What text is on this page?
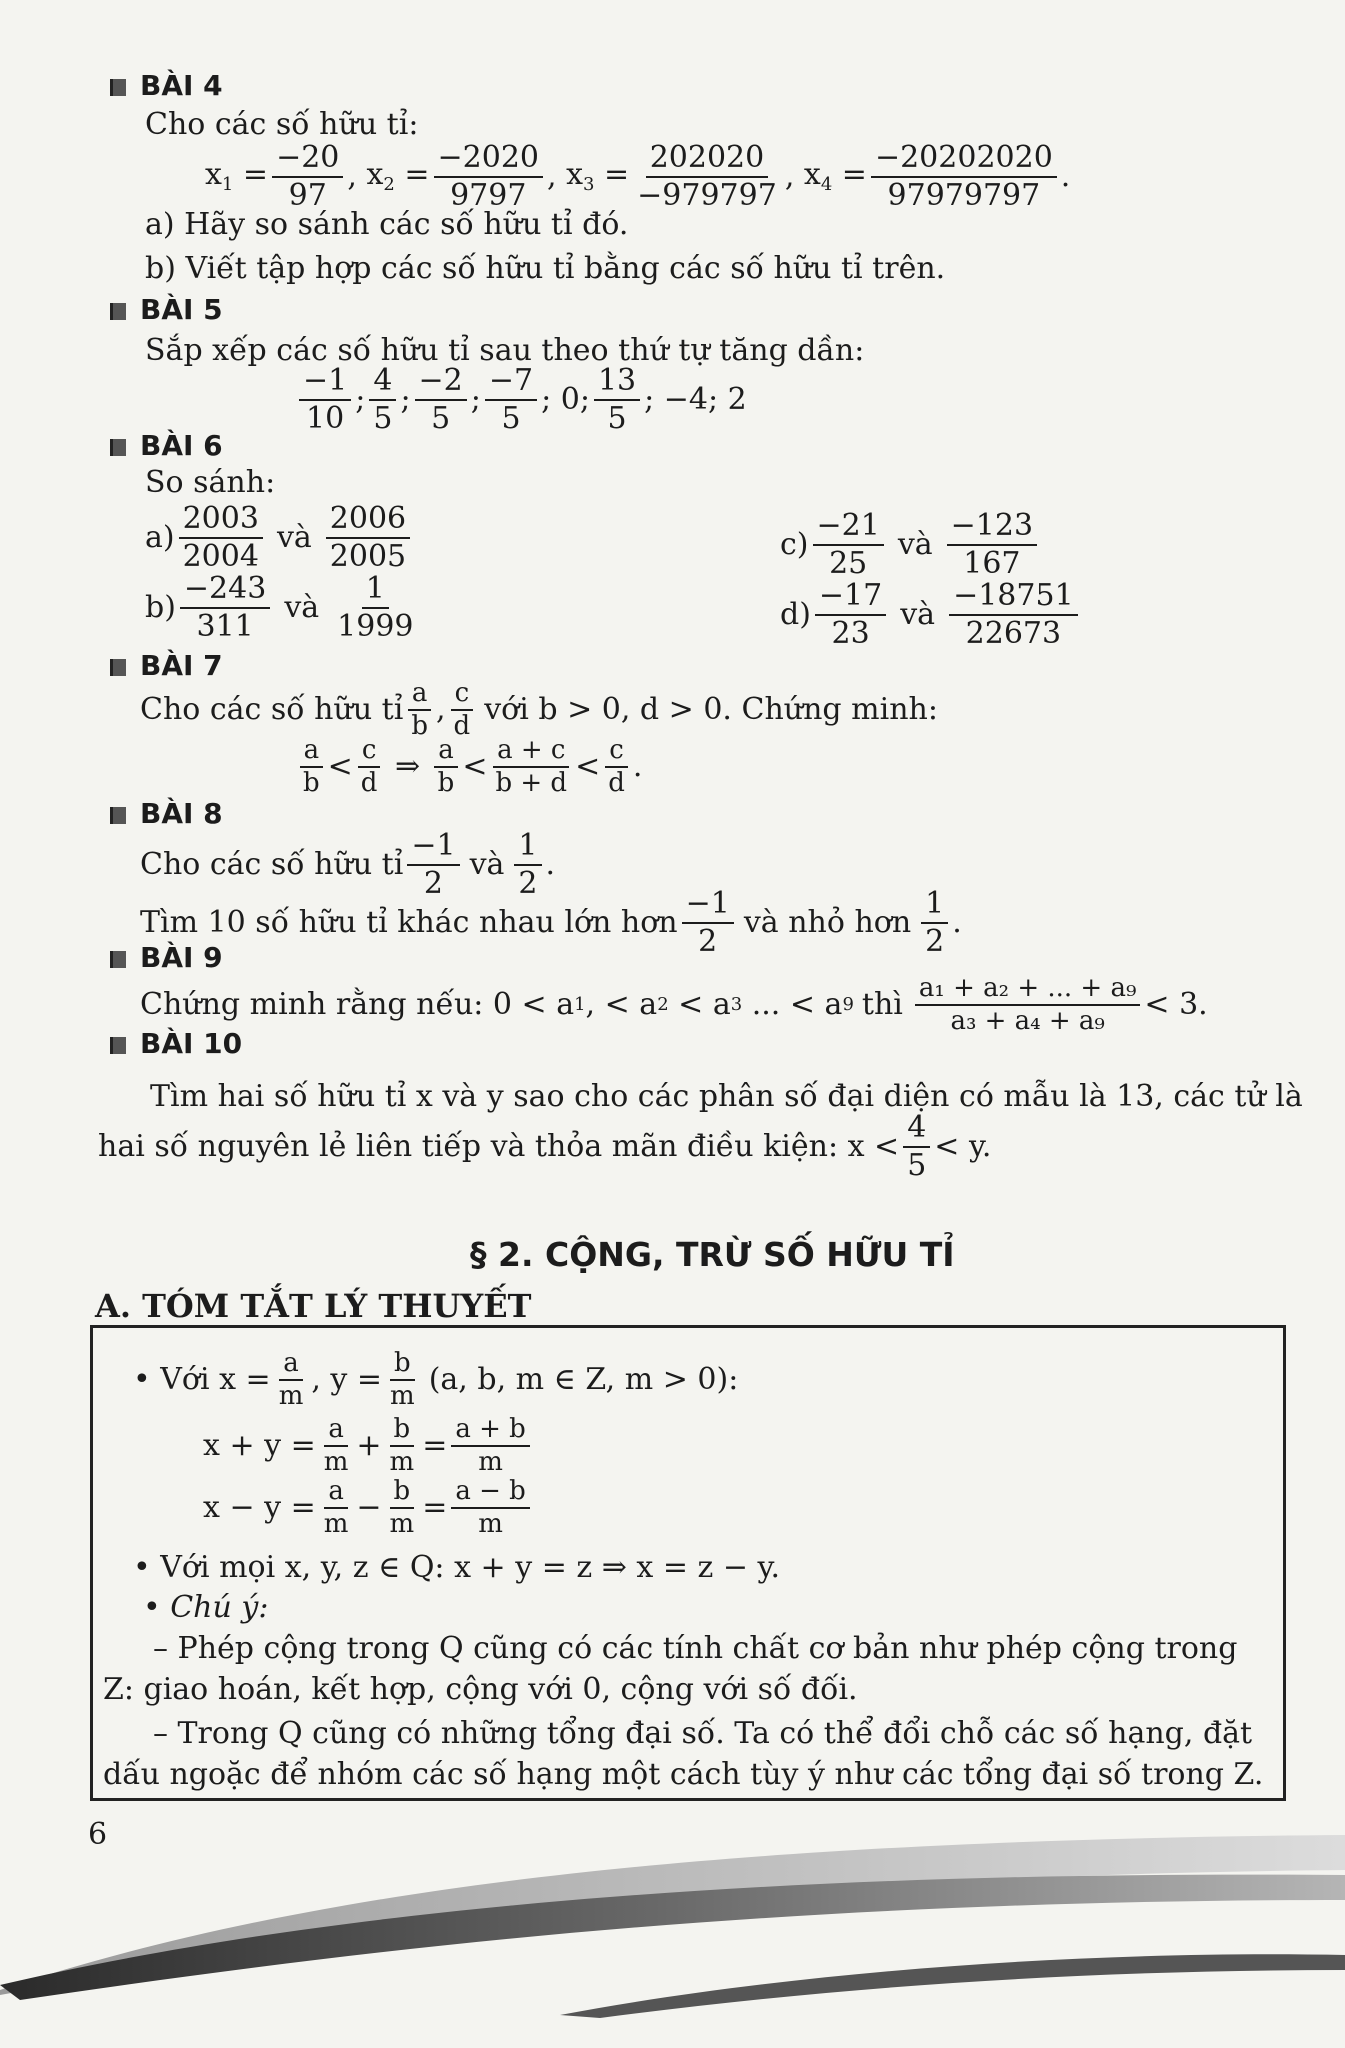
BÀI 4
Cho các số hữu tỉ:
$x_1 = \frac{-20}{97}$ , $x_2 = \frac{-2020}{9797}$ , $x_3 = \frac{202020}{-979797}$ , $x_4 = \frac{-20202020}{97979797}$ .
a) Hãy so sánh các số hữu tỉ đó.
b) Viết tập hợp các số hữu tỉ bằng các số hữu tỉ trên.
BÀI 5
Sắp xếp các số hữu tỉ sau theo thứ tự tăng dần:
$\frac{-1}{10}$ ; $\frac{4}{5}$ ; $\frac{-2}{5}$ ; $\frac{-7}{5}$ ; 0; $\frac{13}{5}$ ; −4; 2
BÀI 6
So sánh:
$a) \frac{2003}{2004}$ và $\frac{2006}{2005}$
$b) \frac{-243}{311}$ và $\frac{1}{1999}$
$c) \frac{-21}{25}$ và $\frac{-123}{167}$
$d) \frac{-17}{23}$ và $\frac{-18751}{22673}$
BÀI 7
Cho các số hữu tỉ $\frac{a}{b}$ , $\frac{c}{d}$ với b > 0, d > 0. Chứng minh:
$\frac{a}{b} < \frac{c}{d}$ ⇒ $\frac{a}{b} < \frac{a + c}{b + d} < \frac{c}{d}$ .
BÀI 8
Cho các số hữu tỉ $\frac{-1}{2}$ và $\frac{1}{2}$ .
Tìm 10 số hữu tỉ khác nhau lớn hơn $\frac{-1}{2}$ và nhỏ hơn $\frac{1}{2}$ .
BÀI 9
Chứng minh rằng nếu: 0 < a 1 , < a 2 < a 3 ... < a 9 thì $\frac{\text{a₁ + a₂ + ... + a₉}}{\text{a₃ + a₄ + a₉}} < 3$.
BÀI 10
Tìm hai số hữu tỉ x và y sao cho các phân số đại diện có mẫu là 13, các tử là
hai số nguyên lẻ liên tiếp và thỏa mãn điều kiện: $x < \frac{4}{5} < y$.
§ 2. CỘNG, TRỪ SỐ HỮU TỈ
A. TÓM TẮT LÝ THUYẾT
• Với $x = \frac{a}{m}$ , $y = \frac{b}{m} (a$, b, m ∈ Z, m > 0):
$x + y = \frac{a}{m} + \frac{b}{m} = \frac{a + b}{m}$
$x - y = \frac{a}{m} - \frac{b}{m} = \frac{a - b}{m}$
• Với mọi x, y, z ∈ Q: x + y = z ⇒ x = z − y.
• Chú ý:
– Phép cộng trong Q cũng có các tính chất cơ bản như phép cộng trong Z: giao hoán, kết hợp, cộng với 0, cộng với số đối.
– Trong Q cũng có những tổng đại số. Ta có thể đổi chỗ các số hạng, đặt dấu ngoặc để nhóm các số hạng một cách tùy ý như các tổng đại số trong Z.
6
